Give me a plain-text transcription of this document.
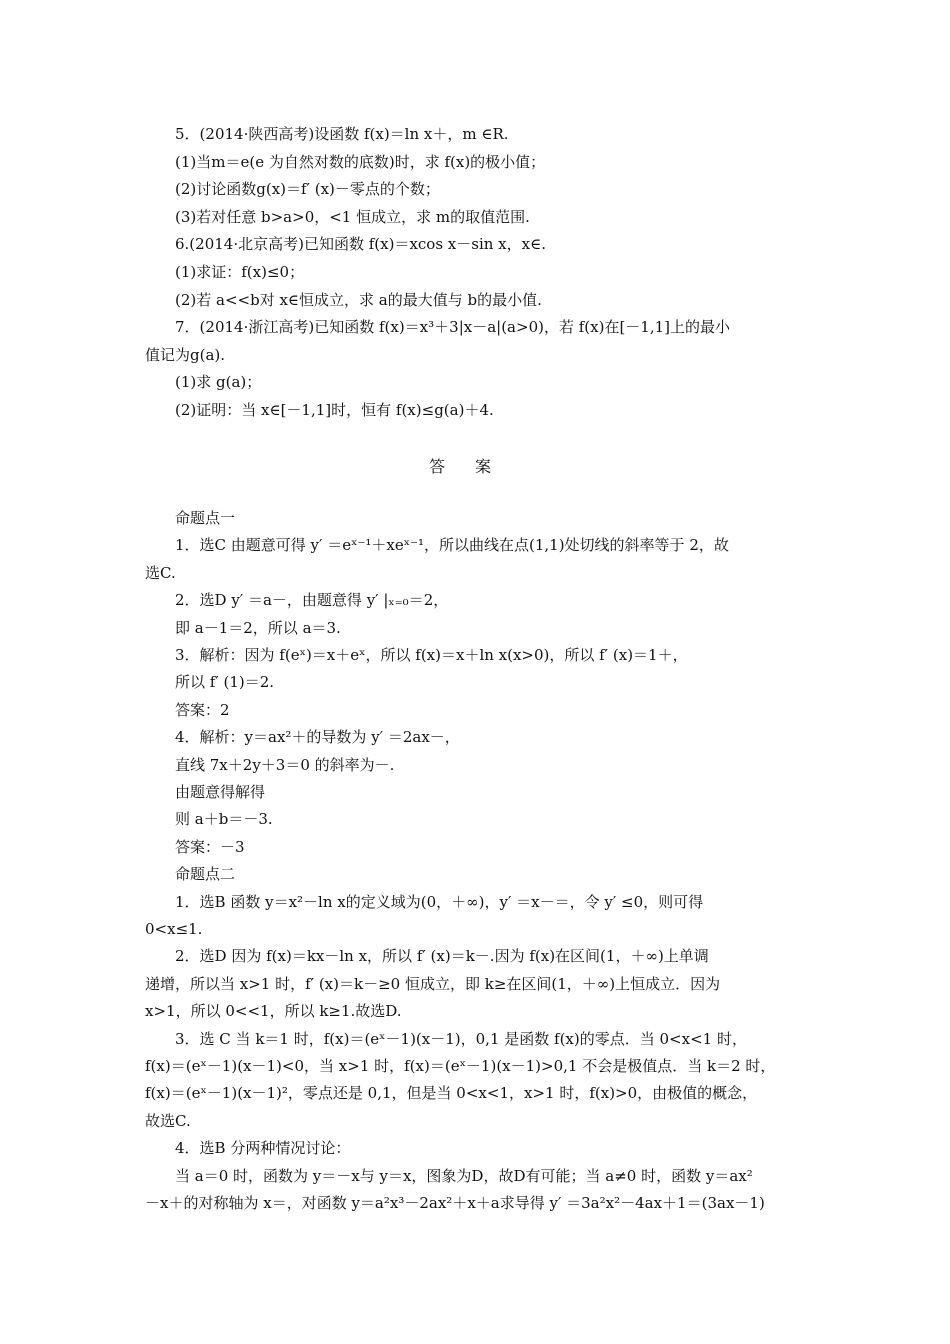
5．(2014·陕西高考)设函数 f(x)＝ln x＋，m ∈R.
(1)当m＝e(e 为自然对数的底数)时，求 f(x)的极小值；
(2)讨论函数g(x)＝f′ (x)－零点的个数；
(3)若对任意 b>a>0，<1 恒成立，求 m的取值范围.
6.(2014·北京高考)已知函数 f(x)＝xcos x－sin x，x∈.
(1)求证：f(x)≤0；
(2)若 a<<b对 x∈恒成立，求 a的最大值与 b的最小值.
7．(2014·浙江高考)已知函数 f(x)＝x³＋3|x－a|(a>0)，若 f(x)在[－1,1]上的最小
值记为g(a).
(1)求 g(a)；
(2)证明：当 x∈[－1,1]时，恒有 f(x)≤g(a)＋4.
答案
命题点一
1．选C 由题意可得 y′ ＝eˣ⁻¹＋xeˣ⁻¹，所以曲线在点(1,1)处切线的斜率等于 2，故
选C.
2．选D y′ ＝a－，由题意得 y′ |ₓ₌₀＝2，
即 a－1＝2，所以 a＝3.
3．解析：因为 f(eˣ)＝x＋eˣ，所以 f(x)＝x＋ln x(x>0)，所以 f′ (x)＝1＋，
所以 f′ (1)＝2.
答案：2
4．解析：y＝ax²＋的导数为 y′ ＝2ax－，
直线 7x＋2y＋3＝0 的斜率为－.
由题意得解得
则 a＋b＝－3.
答案：－3
命题点二
1．选B 函数 y＝x²－ln x的定义域为(0，＋∞)，y′ ＝x－＝，令 y′ ≤0，则可得
0<x≤1.
2．选D 因为 f(x)＝kx－ln x，所以 f′ (x)＝k－.因为 f(x)在区间(1，＋∞)上单调
递增，所以当 x>1 时，f′ (x)＝k－≥0 恒成立，即 k≥在区间(1，＋∞)上恒成立．因为
x>1，所以 0<<1，所以 k≥1.故选D.
3．选 C 当 k＝1 时，f(x)＝(eˣ－1)(x－1)，0,1 是函数 f(x)的零点．当 0<x<1 时，
f(x)＝(eˣ－1)(x－1)<0，当 x>1 时，f(x)＝(eˣ－1)(x－1)>0,1 不会是极值点．当 k＝2 时，
f(x)＝(eˣ－1)(x－1)²，零点还是 0,1，但是当 0<x<1，x>1 时，f(x)>0，由极值的概念，
故选C.
4．选B 分两种情况讨论：
当 a＝0 时，函数为 y＝－x与 y＝x，图象为D，故D有可能；当 a≠0 时，函数 y＝ax²
－x＋的对称轴为 x＝，对函数 y＝a²x³－2ax²＋x＋a求导得 y′ ＝3a²x²－4ax＋1＝(3ax－1)
